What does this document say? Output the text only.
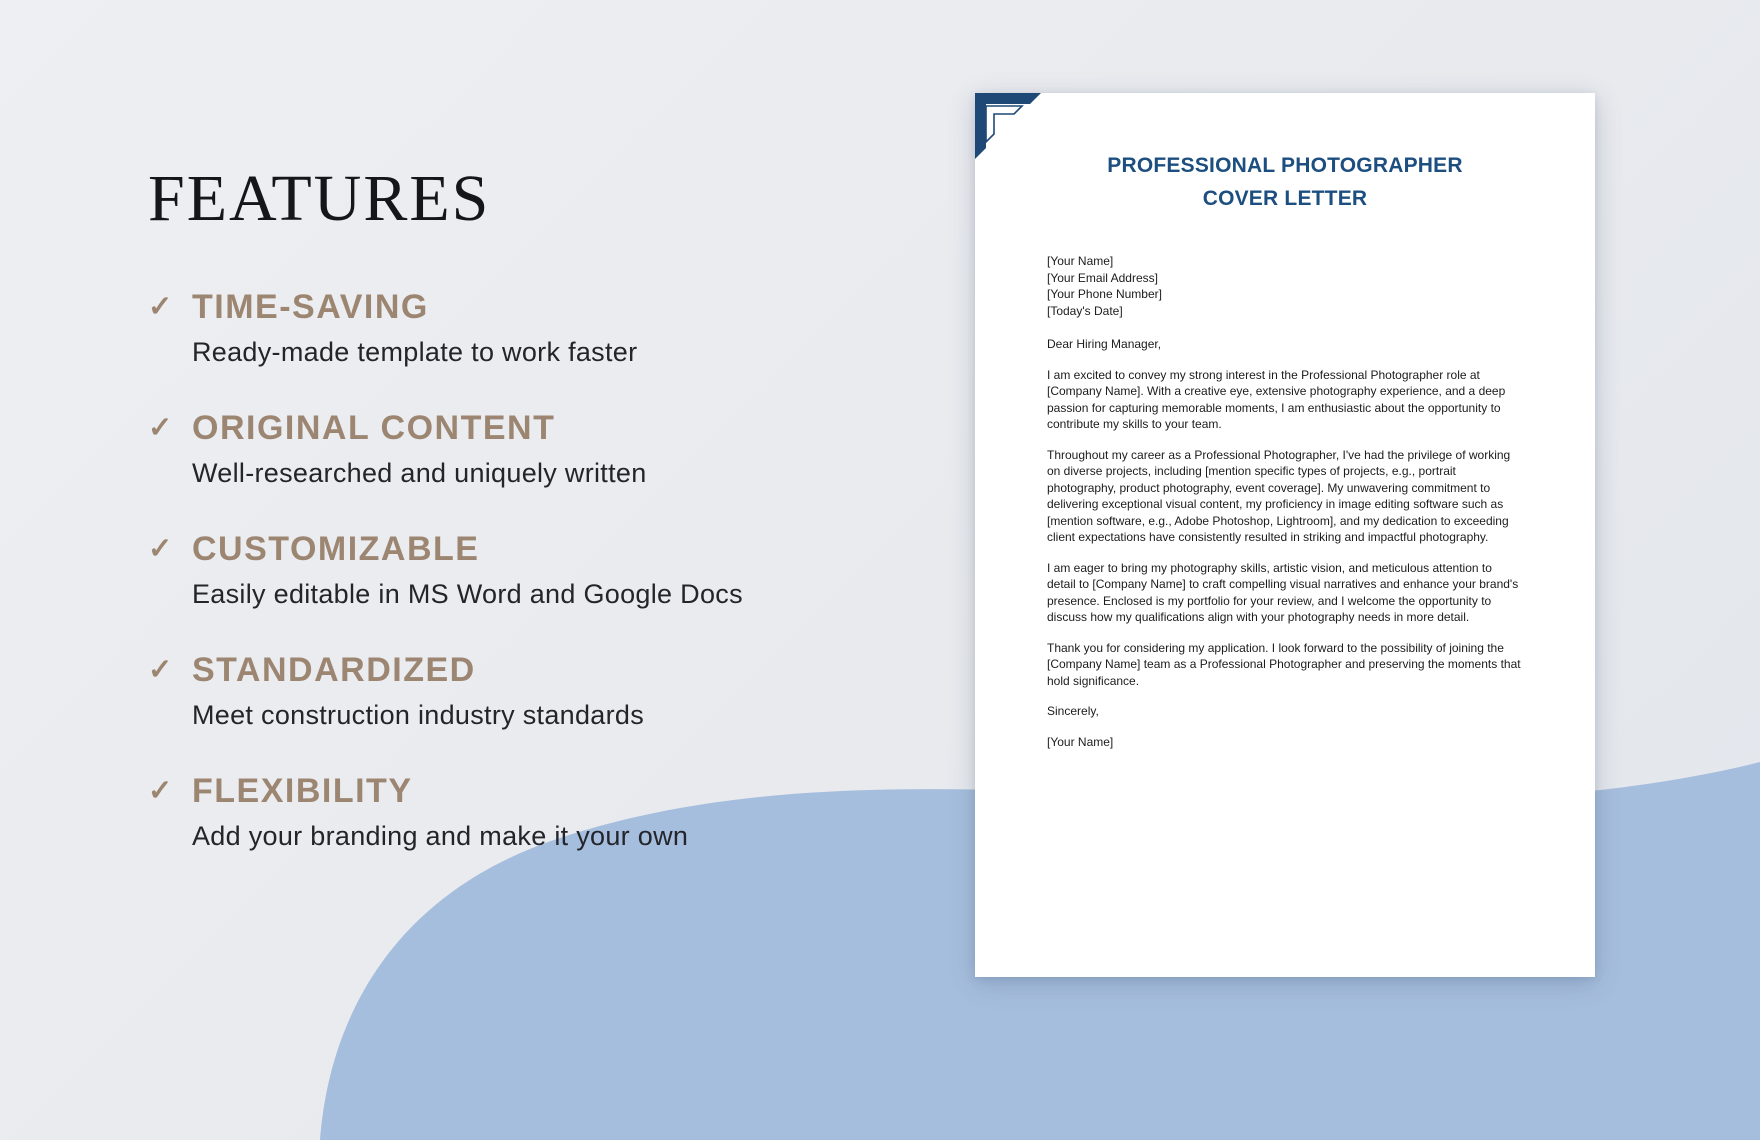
FEATURES
✓ TIME-SAVING

Ready-made template to work faster

✓ ORIGINAL CONTENT

Well-researched and uniquely written

✓ CUSTOMIZABLE

Easily editable in MS Word and Google Docs

✓ STANDARDIZED

Meet construction industry standards

✓ FLEXIBILITY

Add your branding and make it your own

PROFESSIONAL PHOTOGRAPHER
COVER LETTER
[Your Name]
[Your Email Address]
[Your Phone Number]
[Today's Date]

Dear Hiring Manager,

I am excited to convey my strong interest in the Professional Photographer role at [Company Name]. With a creative eye, extensive photography experience, and a deep passion for capturing memorable moments, I am enthusiastic about the opportunity to contribute my skills to your team.

Throughout my career as a Professional Photographer, I've had the privilege of working on diverse projects, including [mention specific types of projects, e.g., portrait photography, product photography, event coverage]. My unwavering commitment to delivering exceptional visual content, my proficiency in image editing software such as [mention software, e.g., Adobe Photoshop, Lightroom], and my dedication to exceeding client expectations have consistently resulted in striking and impactful photography.

I am eager to bring my photography skills, artistic vision, and meticulous attention to detail to [Company Name] to craft compelling visual narratives and enhance your brand's presence. Enclosed is my portfolio for your review, and I welcome the opportunity to discuss how my qualifications align with your photography needs in more detail.

Thank you for considering my application. I look forward to the possibility of joining the [Company Name] team as a Professional Photographer and preserving the moments that hold significance.

Sincerely,

[Your Name]
